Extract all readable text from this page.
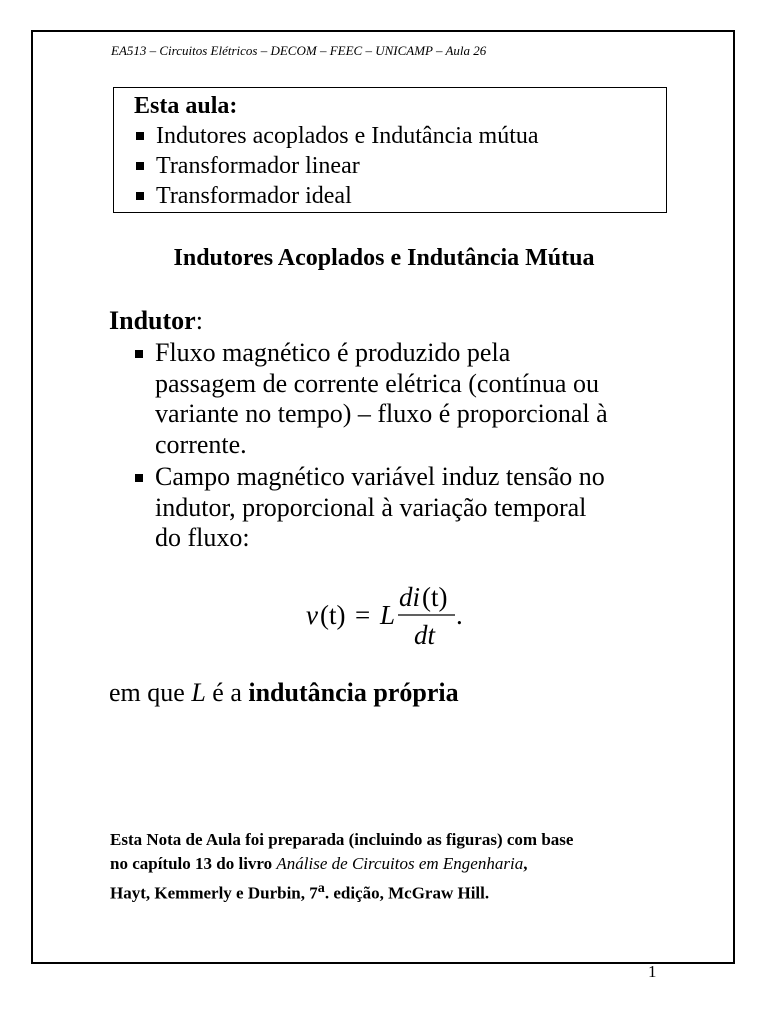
EA513 – Circuitos Elétricos – DECOM – FEEC – UNICAMP – Aula 26
Esta aula:
Indutores acoplados e Indutância mútua
Transformador linear
Transformador ideal
Indutores Acoplados e Indutância Mútua
Indutor:
Fluxo magnético é produzido pela
passagem de corrente elétrica (contínua ou
variante no tempo) – fluxo é proporcional à
corrente.
Campo magnético variável induz tensão no
indutor, proporcional à variação temporal
do fluxo:
v (t) = L
di (t)
dt
.
em que L é a indutância própria
Esta Nota de Aula foi preparada (incluindo as figuras) com base
no capítulo 13 do livro Análise de Circuitos em Engenharia,
Hayt, Kemmerly e Durbin, 7$^a$. edição, McGraw Hill.
1
